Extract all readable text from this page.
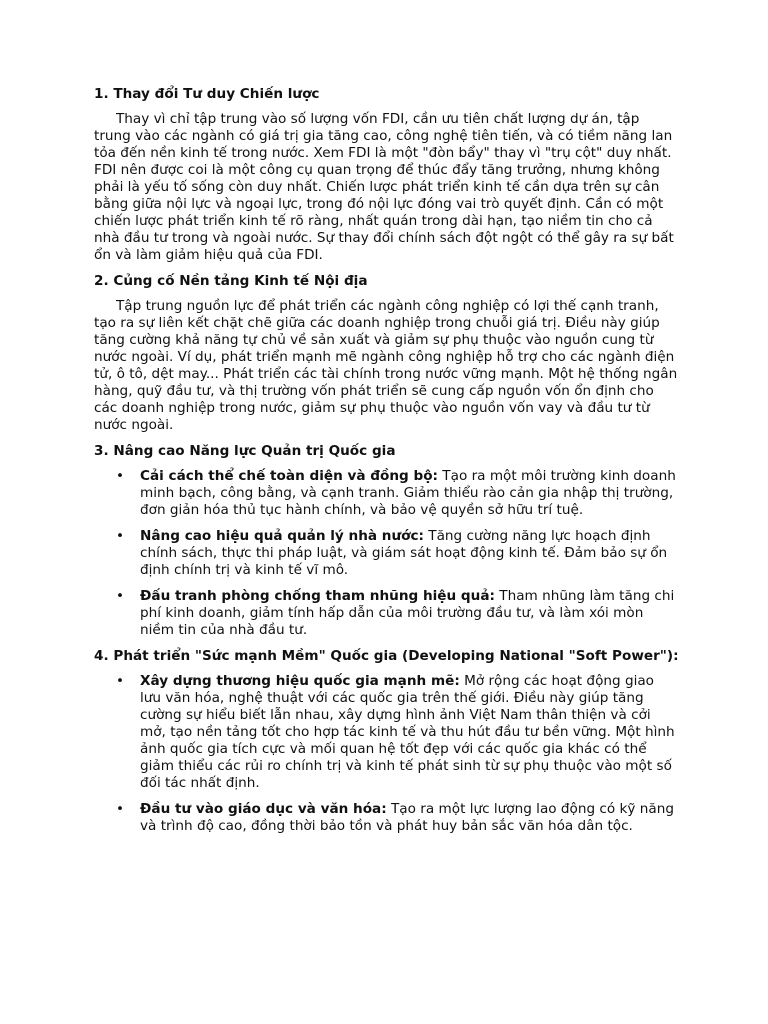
1. Thay đổi Tư duy Chiến lược

Thay vì chỉ tập trung vào số lượng vốn FDI, cần ưu tiên chất lượng dự án, tập trung vào các ngành có giá trị gia tăng cao, công nghệ tiên tiến, và có tiềm năng lan tỏa đến nền kinh tế trong nước. Xem FDI là một "đòn bẩy" thay vì "trụ cột" duy nhất. FDI nên được coi là một công cụ quan trọng để thúc đẩy tăng trưởng, nhưng không phải là yếu tố sống còn duy nhất. Chiến lược phát triển kinh tế cần dựa trên sự cân bằng giữa nội lực và ngoại lực, trong đó nội lực đóng vai trò quyết định. Cần có một chiến lược phát triển kinh tế rõ ràng, nhất quán trong dài hạn, tạo niềm tin cho cả nhà đầu tư trong và ngoài nước. Sự thay đổi chính sách đột ngột có thể gây ra sự bất ổn và làm giảm hiệu quả của FDI.

2. Củng cố Nền tảng Kinh tế Nội địa

Tập trung nguồn lực để phát triển các ngành công nghiệp có lợi thế cạnh tranh, tạo ra sự liên kết chặt chẽ giữa các doanh nghiệp trong chuỗi giá trị. Điều này giúp tăng cường khả năng tự chủ về sản xuất và giảm sự phụ thuộc vào nguồn cung từ nước ngoài. Ví dụ, phát triển mạnh mẽ ngành công nghiệp hỗ trợ cho các ngành điện tử, ô tô, dệt may... Phát triển các tài chính trong nước vững mạnh. Một hệ thống ngân hàng, quỹ đầu tư, và thị trường vốn phát triển sẽ cung cấp nguồn vốn ổn định cho các doanh nghiệp trong nước, giảm sự phụ thuộc vào nguồn vốn vay và đầu tư từ nước ngoài.

3. Nâng cao Năng lực Quản trị Quốc gia
• Cải cách thể chế toàn diện và đồng bộ: Tạo ra một môi trường kinh doanh minh bạch, công bằng, và cạnh tranh. Giảm thiểu rào cản gia nhập thị trường, đơn giản hóa thủ tục hành chính, và bảo vệ quyền sở hữu trí tuệ.
• Nâng cao hiệu quả quản lý nhà nước: Tăng cường năng lực hoạch định chính sách, thực thi pháp luật, và giám sát hoạt động kinh tế. Đảm bảo sự ổn định chính trị và kinh tế vĩ mô.
• Đấu tranh phòng chống tham nhũng hiệu quả: Tham nhũng làm tăng chi phí kinh doanh, giảm tính hấp dẫn của môi trường đầu tư, và làm xói mòn niềm tin của nhà đầu tư.
4. Phát triển "Sức mạnh Mềm" Quốc gia (Developing National "Soft Power"):
• Xây dựng thương hiệu quốc gia mạnh mẽ: Mở rộng các hoạt động giao lưu văn hóa, nghệ thuật với các quốc gia trên thế giới. Điều này giúp tăng cường sự hiểu biết lẫn nhau, xây dựng hình ảnh Việt Nam thân thiện và cởi mở, tạo nền tảng tốt cho hợp tác kinh tế và thu hút đầu tư bền vững. Một hình ảnh quốc gia tích cực và mối quan hệ tốt đẹp với các quốc gia khác có thể giảm thiểu các rủi ro chính trị và kinh tế phát sinh từ sự phụ thuộc vào một số đối tác nhất định.
• Đầu tư vào giáo dục và văn hóa: Tạo ra một lực lượng lao động có kỹ năng và trình độ cao, đồng thời bảo tồn và phát huy bản sắc văn hóa dân tộc.
